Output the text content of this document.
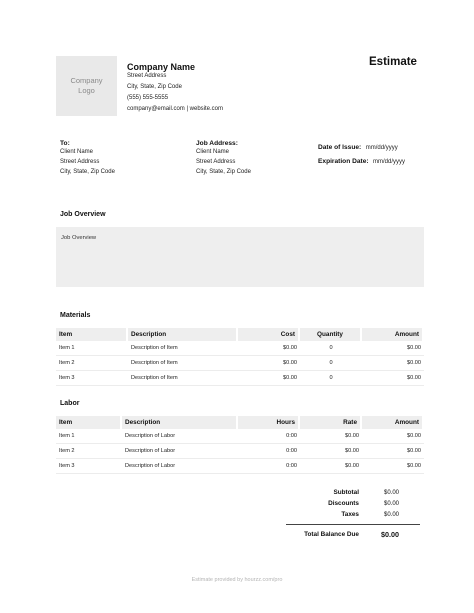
Company
Logo
Company Name
Street Address
City, State, Zip Code
(555) 555-5555
company@email.com | website.com
Estimate
To:
Client Name
Street Address
City, State, Zip Code
Job Address:
Client Name
Street Address
City, State, Zip Code
Date of Issue: mm/dd/yyyy
Expiration Date: mm/dd/yyyy
Job Overview
Job Overview
Materials
Item	Description	Cost	Quantity	Amount
Item 1	Description of Item	$0.00	0	$0.00
Item 2	Description of Item	$0.00	0	$0.00
Item 3	Description of Item	$0.00	0	$0.00
Labor
Item	Description	Hours	Rate	Amount
Item 1	Description of Labor	0:00	$0.00	$0.00
Item 2	Description of Labor	0:00	$0.00	$0.00
Item 3	Description of Labor	0:00	$0.00	$0.00
Subtotal	$0.00
Discounts	$0.00
Taxes	$0.00
Total Balance Due	$0.00
Estimate provided by hourzz.com/pro
